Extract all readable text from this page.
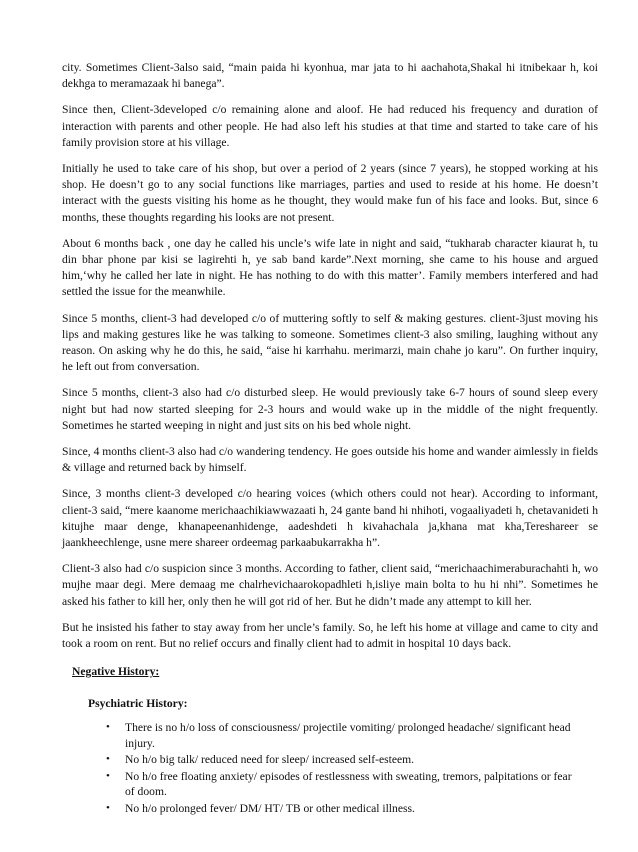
city. Sometimes Client-3also said, “main paida hi kyonhua, mar jata to hi aachahota,Shakal hi itnibekaar h, koi dekhga to meramazaak hi banega”.

Since then, Client-3developed c/o remaining alone and aloof. He had reduced his frequency and duration of interaction with parents and other people. He had also left his studies at that time and started to take care of his family provision store at his village.

Initially he used to take care of his shop, but over a period of 2 years (since 7 years), he stopped working at his shop. He doesn’t go to any social functions like marriages, parties and used to reside at his home. He doesn’t interact with the guests visiting his home as he thought, they would make fun of his face and looks. But, since 6 months, these thoughts regarding his looks are not present.

About 6 months back , one day he called his uncle’s wife late in night and said, “tukharab character kiaurat h, tu din bhar phone par kisi se lagirehti h, ye sab band karde”.Next morning, she came to his house and argued him,‘why he called her late in night. He has nothing to do with this matter’. Family members interfered and had settled the issue for the meanwhile.

Since 5 months, client-3 had developed c/o of muttering softly to self & making gestures. client-3just moving his lips and making gestures like he was talking to someone. Sometimes client-3 also smiling, laughing without any reason. On asking why he do this, he said, “aise hi karrhahu. merimarzi, main chahe jo karu”. On further inquiry, he left out from conversation.

Since 5 months, client-3 also had c/o disturbed sleep. He would previously take 6-7 hours of sound sleep every night but had now started sleeping for 2-3 hours and would wake up in the middle of the night frequently. Sometimes he started weeping in night and just sits on his bed whole night.

Since, 4 months client-3 also had c/o wandering tendency. He goes outside his home and wander aimlessly in fields & village and returned back by himself.

Since, 3 months client-3 developed c/o hearing voices (which others could not hear). According to informant, client-3 said, “mere kaanome merichaachikiawwazaati h, 24 gante band hi nhihoti, vogaaliyadeti h, chetavanideti h kitujhe maar denge, khanapeenanhidenge, aadeshdeti h kivahachala ja,khana mat kha,Tereshareer se jaankheechlenge, usne mere shareer ordeemag parkaabukarrakha h”.

Client-3 also had c/o suspicion since 3 months. According to father, client said, “merichaachimeraburachahti h, wo mujhe maar degi. Mere demaag me chalrhevichaarokopadhleti h,isliye main bolta to hu hi nhi”. Sometimes he asked his father to kill her, only then he will got rid of her. But he didn’t made any attempt to kill her.

But he insisted his father to stay away from her uncle’s family. So, he left his home at village and came to city and took a room on rent. But no relief occurs and finally client had to admit in hospital 10 days back.

Negative History:
Psychiatric History:
• There is no h/o loss of consciousness/ projectile vomiting/ prolonged headache/ significant head injury.
• No h/o big talk/ reduced need for sleep/ increased self-esteem.
• No h/o free floating anxiety/ episodes of restlessness with sweating, tremors, palpitations or fear of doom.
• No h/o prolonged fever/ DM/ HT/ TB or other medical illness.
